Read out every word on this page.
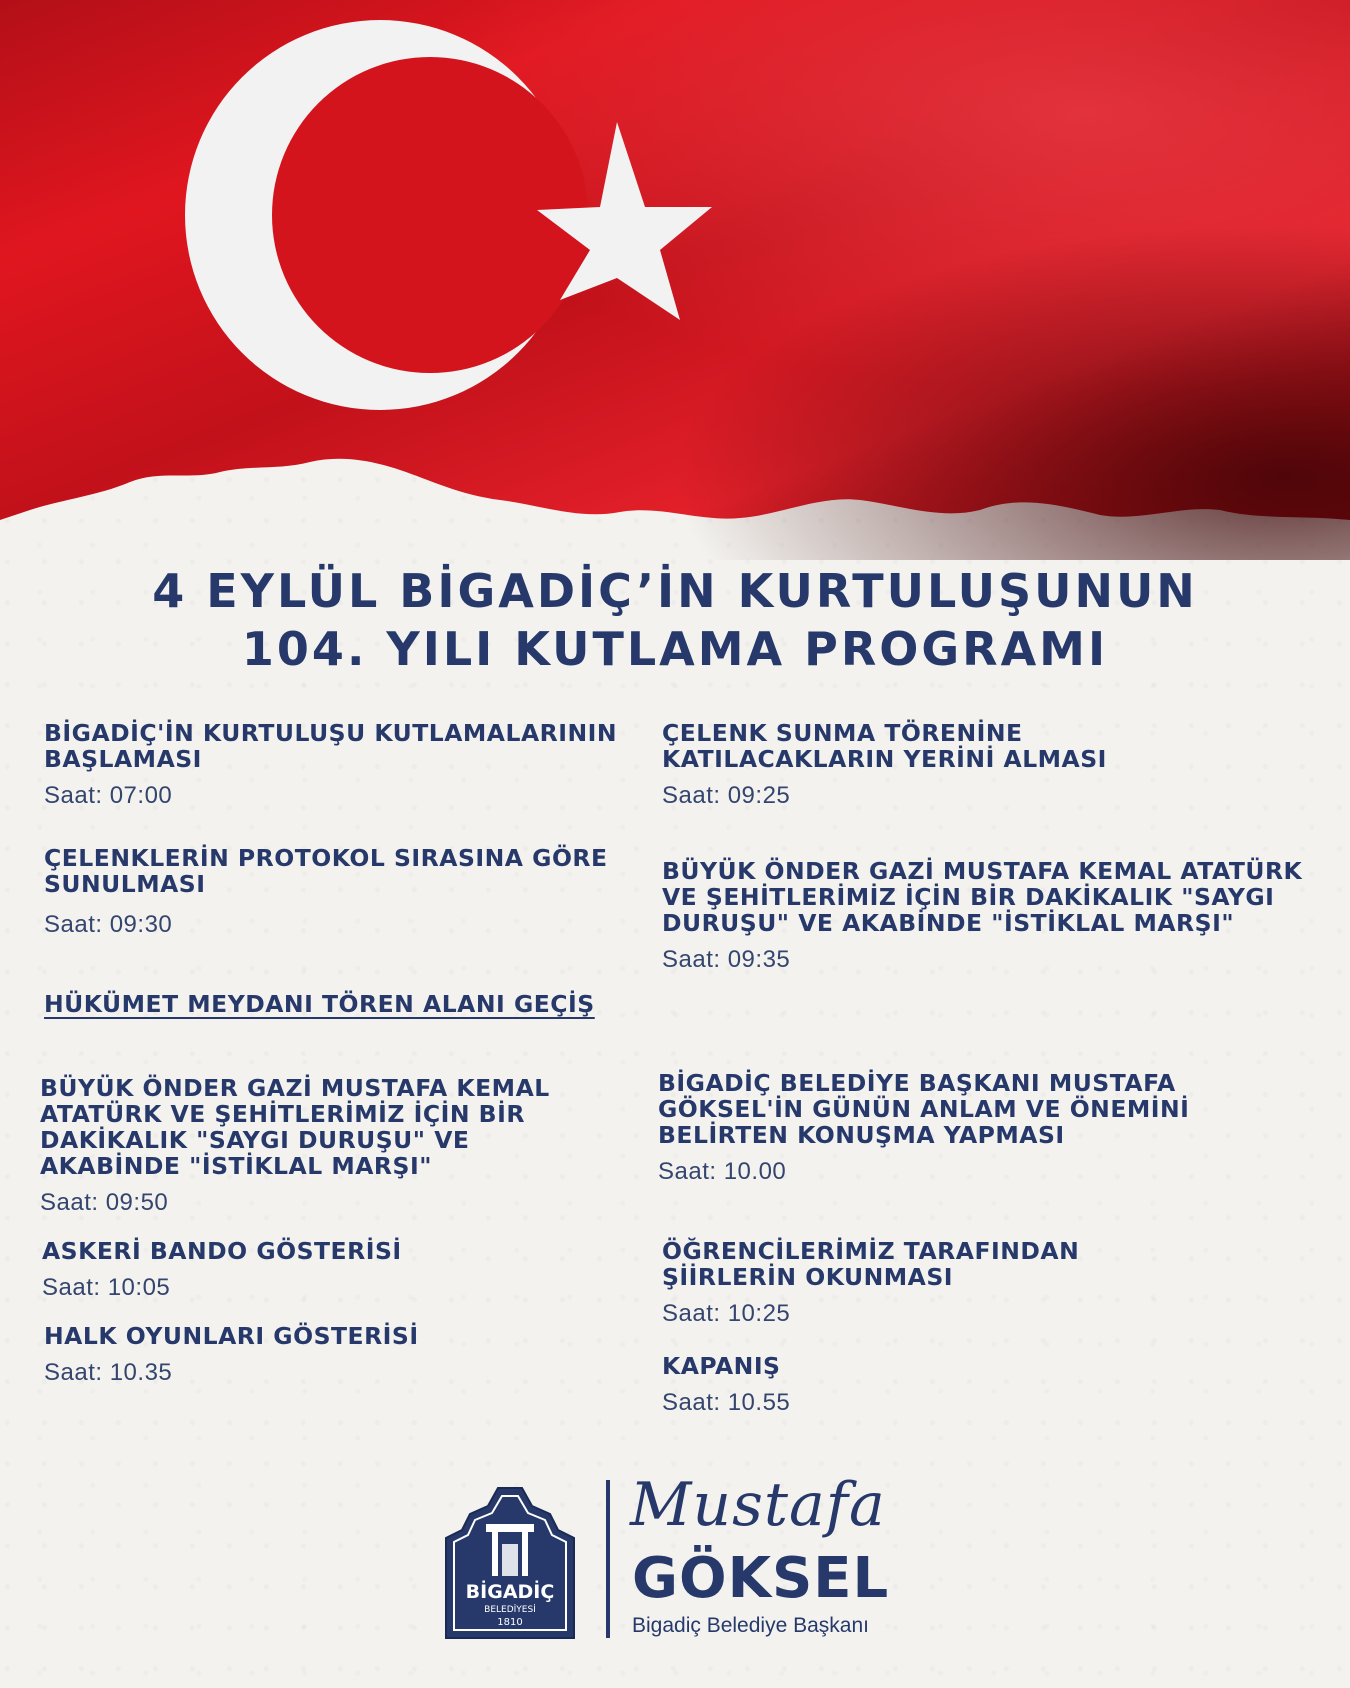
4 EYLÜL BİGADİÇ’İN KURTULUŞUNUN

104. YILI KUTLAMA PROGRAMI

BİGADİÇ'İN KURTULUŞU KUTLAMALARININ BAŞLAMASI

Saat: 07:00

ÇELENK SUNMA TÖRENİNE KATILACAKLARIN YERİNİ ALMASI

Saat: 09:25

ÇELENKLERİN PROTOKOL SIRASINA GÖRE SUNULMASI

Saat: 09:30

BÜYÜK ÖNDER GAZİ MUSTAFA KEMAL ATATÜRK VE ŞEHİTLERİMİZ İÇİN BİR DAKİKALIK "SAYGI DURUŞU" VE AKABİNDE "İSTİKLAL MARŞI"

Saat: 09:35
HÜKÜMET MEYDANI TÖREN ALANI GEÇİŞ

BÜYÜK ÖNDER GAZİ MUSTAFA KEMAL ATATÜRK VE ŞEHİTLERİMİZ İÇİN BİR DAKİKALIK "SAYGI DURUŞU" VE AKABİNDE "İSTİKLAL MARŞI"

Saat: 09:50

BİGADİÇ BELEDİYE BAŞKANI MUSTAFA GÖKSEL'İN GÜNÜN ANLAM VE ÖNEMİNİ BELİRTEN KONUŞMA YAPMASI

Saat: 10.00

ASKERİ BANDO GÖSTERİSİ

Saat: 10:05

ÖĞRENCİLERİMİZ TARAFINDAN ŞİİRLERİN OKUNMASI

Saat: 10:25

HALK OYUNLARI GÖSTERİSİ

Saat: 10.35	KAPANIŞ

Saat: 10.55
BİGADİÇ
BELEDİYESİ
1810
Mustafa
GÖKSEL
Bigadiç Belediye Başkanı
